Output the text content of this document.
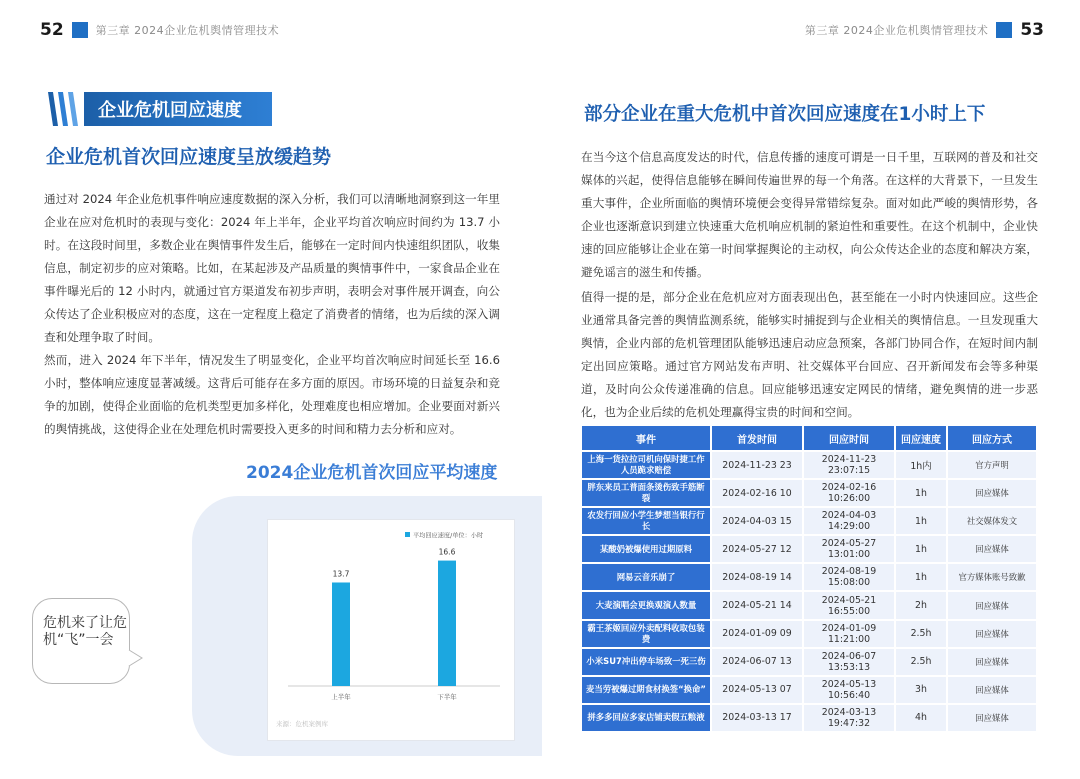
52	第三章 2024企业危机舆情管理技术	第三章 2024企业危机舆情管理技术 53
企业危机回应速度
企业危机首次回应速度呈放缓趋势

通过对 2024 年企业危机事件响应速度数据的深入分析，我们可以清晰地洞察到这一年里企业在应对危机时的表现与变化：2024 年上半年，企业平均首次响应时间约为 13.7 小时。在这段时间里，多数企业在舆情事件发生后，能够在一定时间内快速组织团队，收集信息，制定初步的应对策略。比如，在某起涉及产品质量的舆情事件中，一家食品企业在事件曝光后的 12 小时内，就通过官方渠道发布初步声明，表明会对事件展开调查，向公众传达了企业积极应对的态度，这在一定程度上稳定了消费者的情绪，也为后续的深入调查和处理争取了时间。

然而，进入 2024 年下半年，情况发生了明显变化，企业平均首次响应时间延长至 16.6 小时，整体响应速度显著减缓。这背后可能存在多方面的原因。市场环境的日益复杂和竞争的加剧，使得企业面临的危机类型更加多样化，处理难度也相应增加。企业要面对新兴的舆情挑战，这使得企业在处理危机时需要投入更多的时间和精力去分析和应对。

2024企业危机首次回应平均速度
平均回应速度/单位：小时
13.7
上半年
16.6
下半年
来源：危机案例库
危机来了让危机“飞”一会
部分企业在重大危机中首次回应速度在1小时上下

在当今这个信息高度发达的时代，信息传播的速度可谓是一日千里，互联网的普及和社交媒体的兴起，使得信息能够在瞬间传遍世界的每一个角落。在这样的大背景下，一旦发生重大事件，企业所面临的舆情环境便会变得异常错综复杂。面对如此严峻的舆情形势，各企业也逐渐意识到建立快速重大危机响应机制的紧迫性和重要性。在这个机制中，企业快速的回应能够让企业在第一时间掌握舆论的主动权，向公众传达企业的态度和解决方案，避免谣言的滋生和传播。

值得一提的是，部分企业在危机应对方面表现出色，甚至能在一小时内快速回应。这些企业通常具备完善的舆情监测系统，能够实时捕捉到与企业相关的舆情信息。一旦发现重大舆情，企业内部的危机管理团队能够迅速启动应急预案，各部门协同合作，在短时间内制定出回应策略。通过官方网站发布声明、社交媒体平台回应、召开新闻发布会等多种渠道，及时向公众传递准确的信息。回应能够迅速安定网民的情绪，避免舆情的进一步恶化，也为企业后续的危机处理赢得宝贵的时间和空间。

事件	首发时间	回应时间	回应速度	回应方式
上海一货拉拉司机向保时捷工作人员跪求赔偿	2024-11-23 23	2024-11-23 23:07:15	1h内	官方声明
胖东来员工普面条烫伤致手筋断裂	2024-02-16 10	2024-02-16 10:26:00	1h	回应媒体
农发行回应小学生梦想当银行行长	2024-04-03 15	2024-04-03 14:29:00	1h	社交媒体发文
某酸奶被爆使用过期原料	2024-05-27 12	2024-05-27 13:01:00	1h	回应媒体
网易云音乐崩了	2024-08-19 14	2024-08-19 15:08:00	1h	官方媒体账号致歉
大麦演唱会更换观演人数量	2024-05-21 14	2024-05-21 16:55:00	2h	回应媒体
霸王茶姬回应外卖配料收取包装费	2024-01-09 09	2024-01-09 11:21:00	2.5h	回应媒体
小米SU7冲出停车场致一死三伤	2024-06-07 13	2024-06-07 13:53:13	2.5h	回应媒体
麦当劳被爆过期食材换签“换命”	2024-05-13 07	2024-05-13 10:56:40	3h	回应媒体
拼多多回应多家店铺卖假五粮液	2024-03-13 17	2024-03-13 19:47:32	4h	回应媒体
